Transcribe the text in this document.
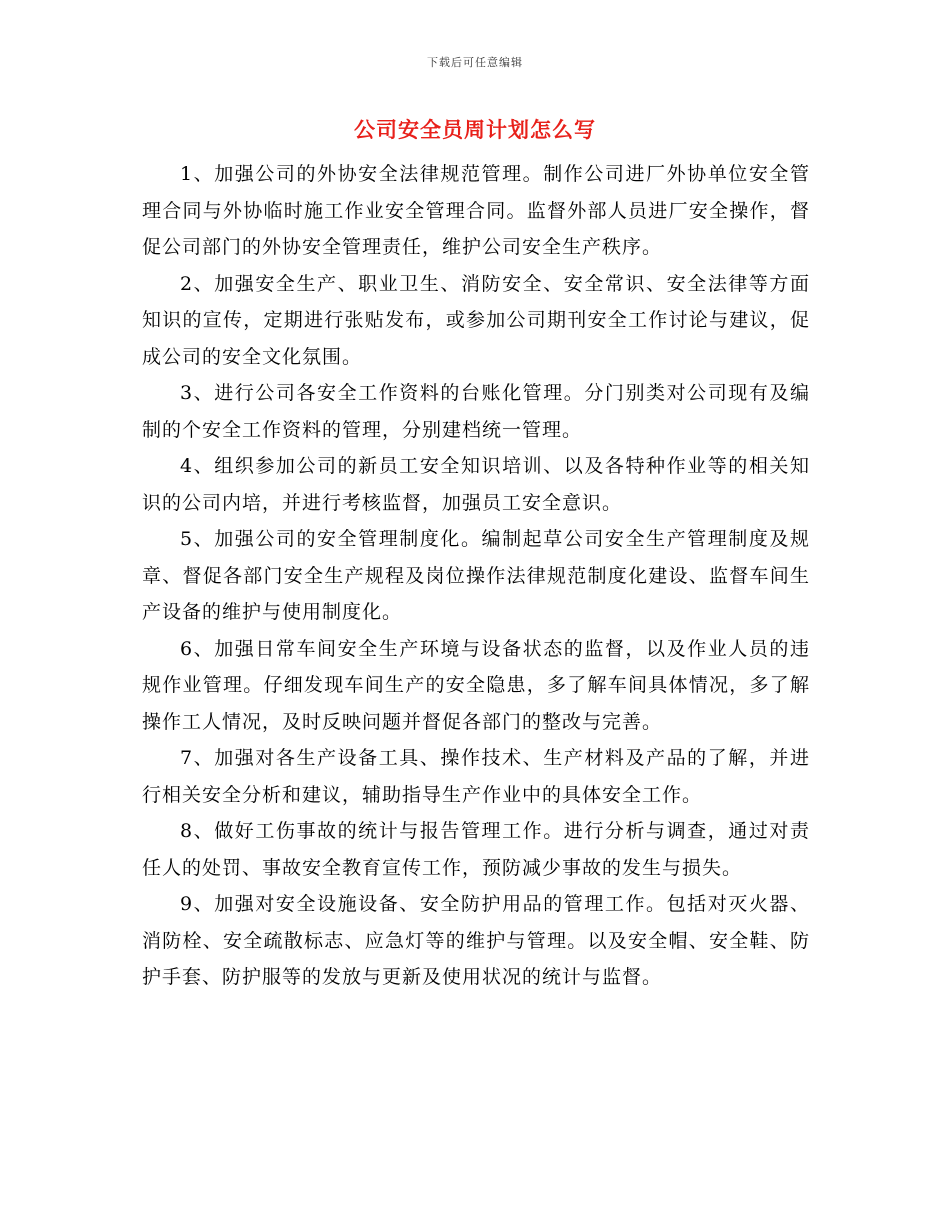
下载后可任意编辑
公司安全员周计划怎么写

1、加强公司的外协安全法律规范管理。制作公司进厂外协单位安全管理合同与外协临时施工作业安全管理合同。监督外部人员进厂安全操作，督促公司部门的外协安全管理责任，维护公司安全生产秩序。

2、加强安全生产、职业卫生、消防安全、安全常识、安全法律等方面知识的宣传，定期进行张贴发布，或参加公司期刊安全工作讨论与建议，促成公司的安全文化氛围。

3、进行公司各安全工作资料的台账化管理。分门别类对公司现有及编制的个安全工作资料的管理，分别建档统一管理。

4、组织参加公司的新员工安全知识培训、以及各特种作业等的相关知识的公司内培，并进行考核监督，加强员工安全意识。

5、加强公司的安全管理制度化。编制起草公司安全生产管理制度及规章、督促各部门安全生产规程及岗位操作法律规范制度化建设、监督车间生产设备的维护与使用制度化。

6、加强日常车间安全生产环境与设备状态的监督，以及作业人员的违规作业管理。仔细发现车间生产的安全隐患，多了解车间具体情况，多了解操作工人情况，及时反映问题并督促各部门的整改与完善。

7、加强对各生产设备工具、操作技术、生产材料及产品的了解，并进行相关安全分析和建议，辅助指导生产作业中的具体安全工作。

8、做好工伤事故的统计与报告管理工作。进行分析与调查，通过对责任人的处罚、事故安全教育宣传工作，预防减少事故的发生与损失。

9、加强对安全设施设备、安全防护用品的管理工作。包括对灭火器、消防栓、安全疏散标志、应急灯等的维护与管理。以及安全帽、安全鞋、防护手套、防护服等的发放与更新及使用状况的统计与监督。
